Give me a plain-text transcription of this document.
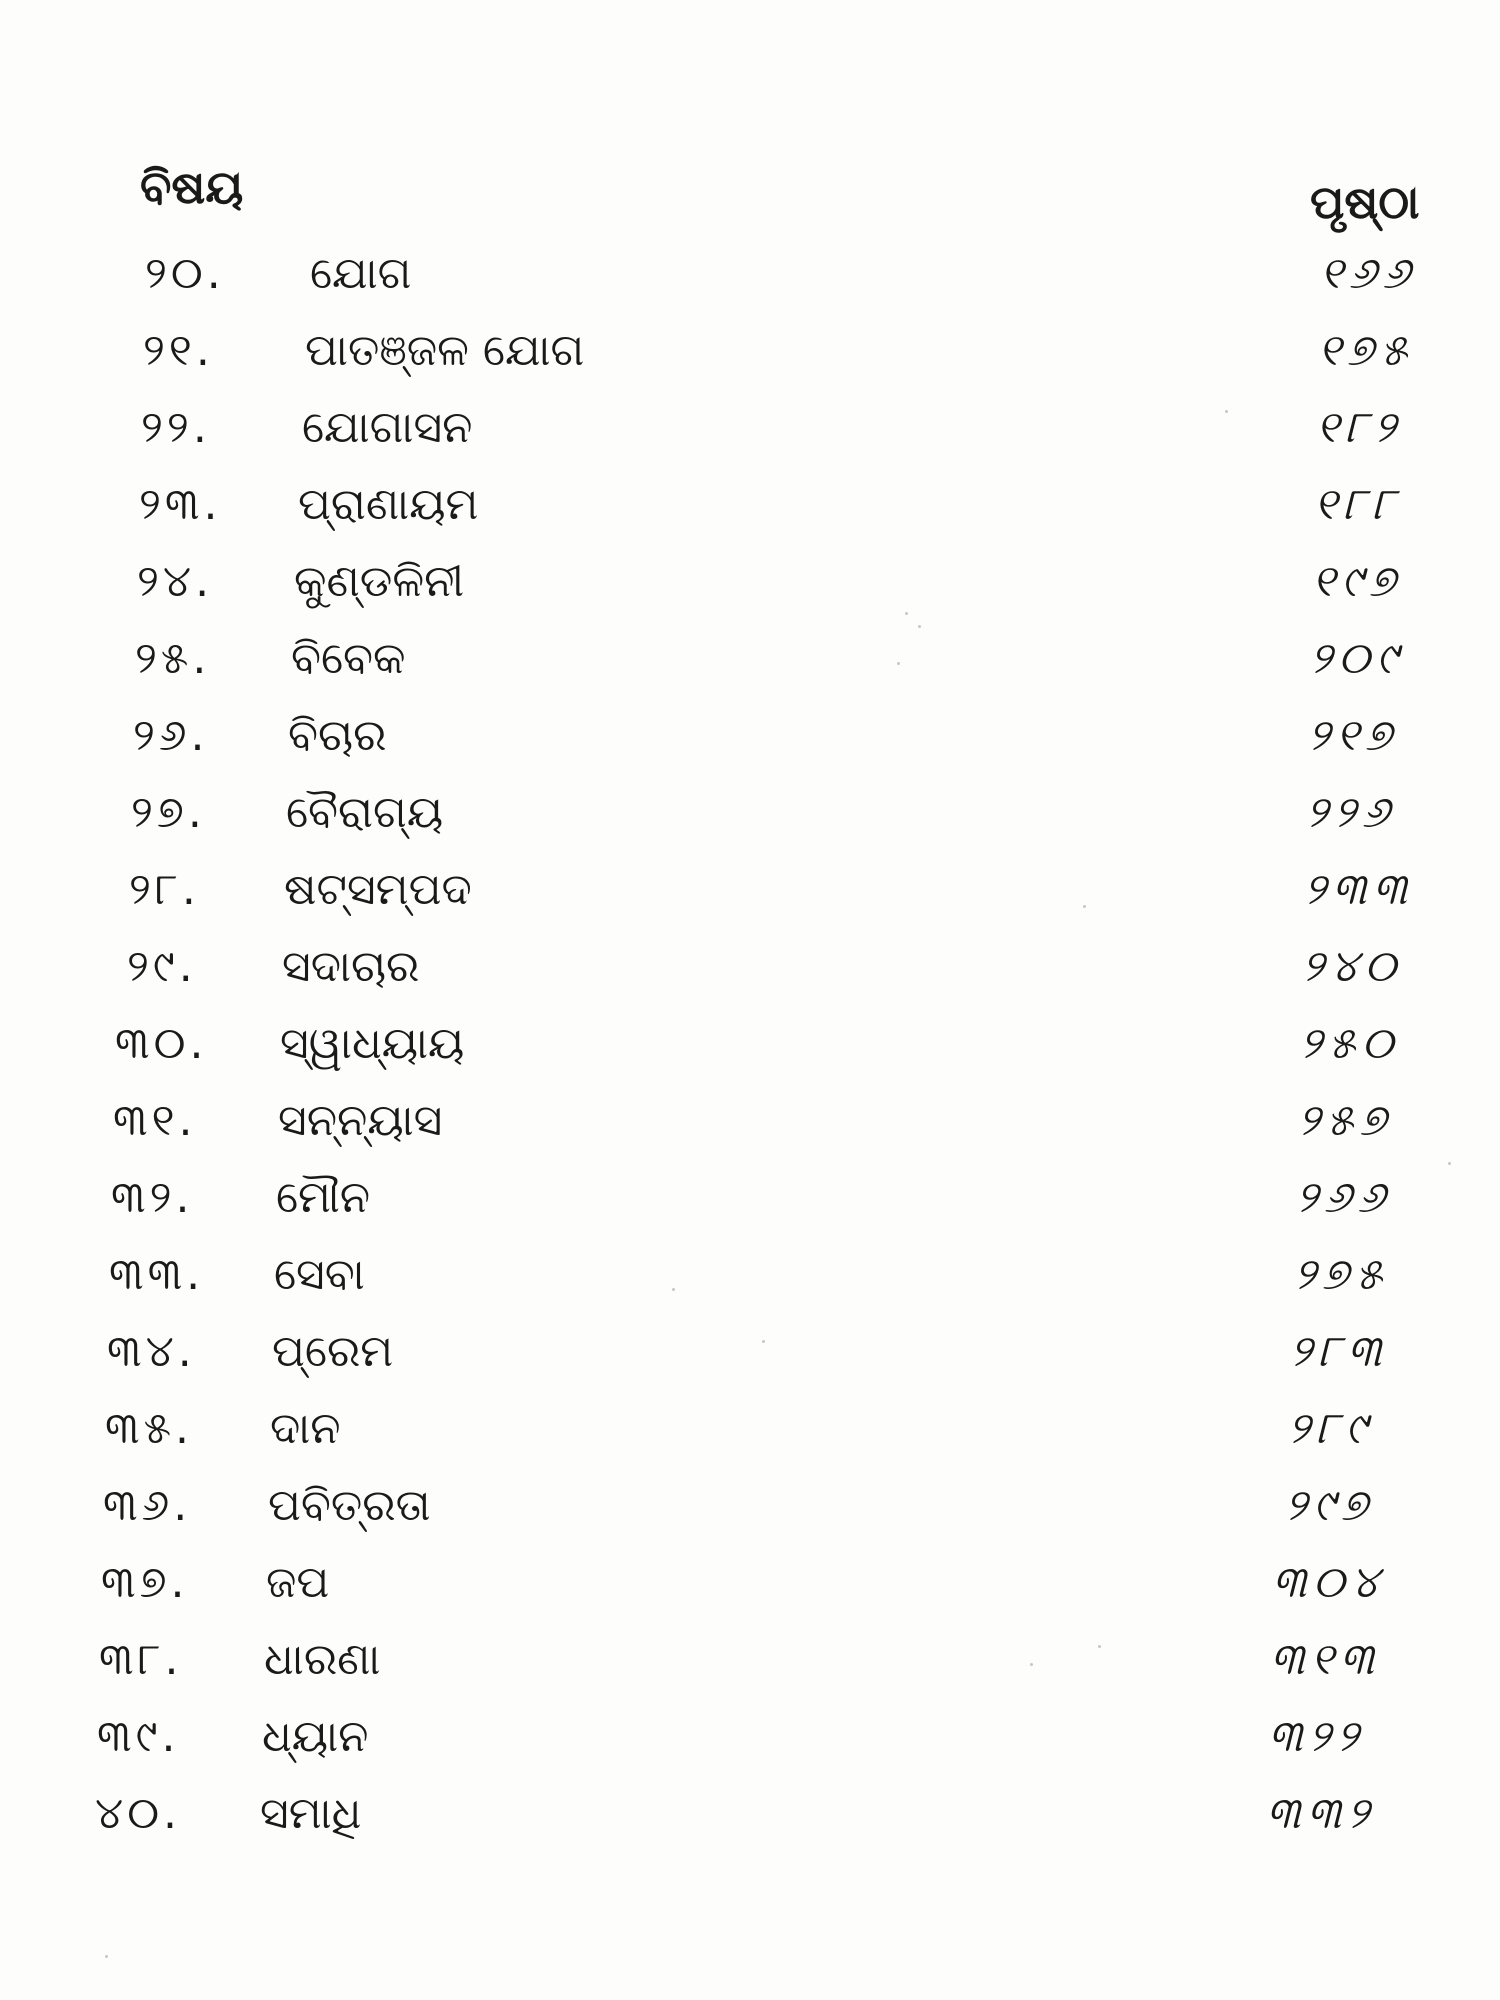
ବିଷୟ	ପୃଷ୍ଠା
୨୦. ଯୋଗ	୧୬୬
୨୧. ପାତଞ୍ଜଳ ଯୋଗ	୧୭୫
୨୨. ଯୋଗାସନ	୧୮୨
୨୩. ପ୍ରାଣାୟମ	୧୮୮
୨୪. କୁଣ୍ଡଳିନୀ	୧୯୭
୨୫. ବିବେକ	୨୦୯
୨୬. ବିଚାର	୨୧୭
୨୭. ବୈରାଗ୍ୟ	୨୨୬
୨୮. ଷଟ୍‌ସମ୍ପଦ	୨୩୩
୨୯. ସଦାଚାର	୨୪୦
୩୦. ସ୍ୱାଧ୍ୟାୟ	୨୫୦
୩୧. ସନ୍ନ୍ୟାସ	୨୫୭
୩୨. ମୌନ	୨୬୬
୩୩. ସେବା	୨୭୫
୩୪. ପ୍ରେମ	୨୮୩
୩୫. ଦାନ	୨୮୯
୩୬. ପବିତ୍ରତା	୨୯୭
୩୭. ଜପ	୩୦୪
୩୮. ଧାରଣା	୩୧୩
୩୯. ଧ୍ୟାନ	୩୨୨
୪୦. ସମାଧି	୩୩୨
